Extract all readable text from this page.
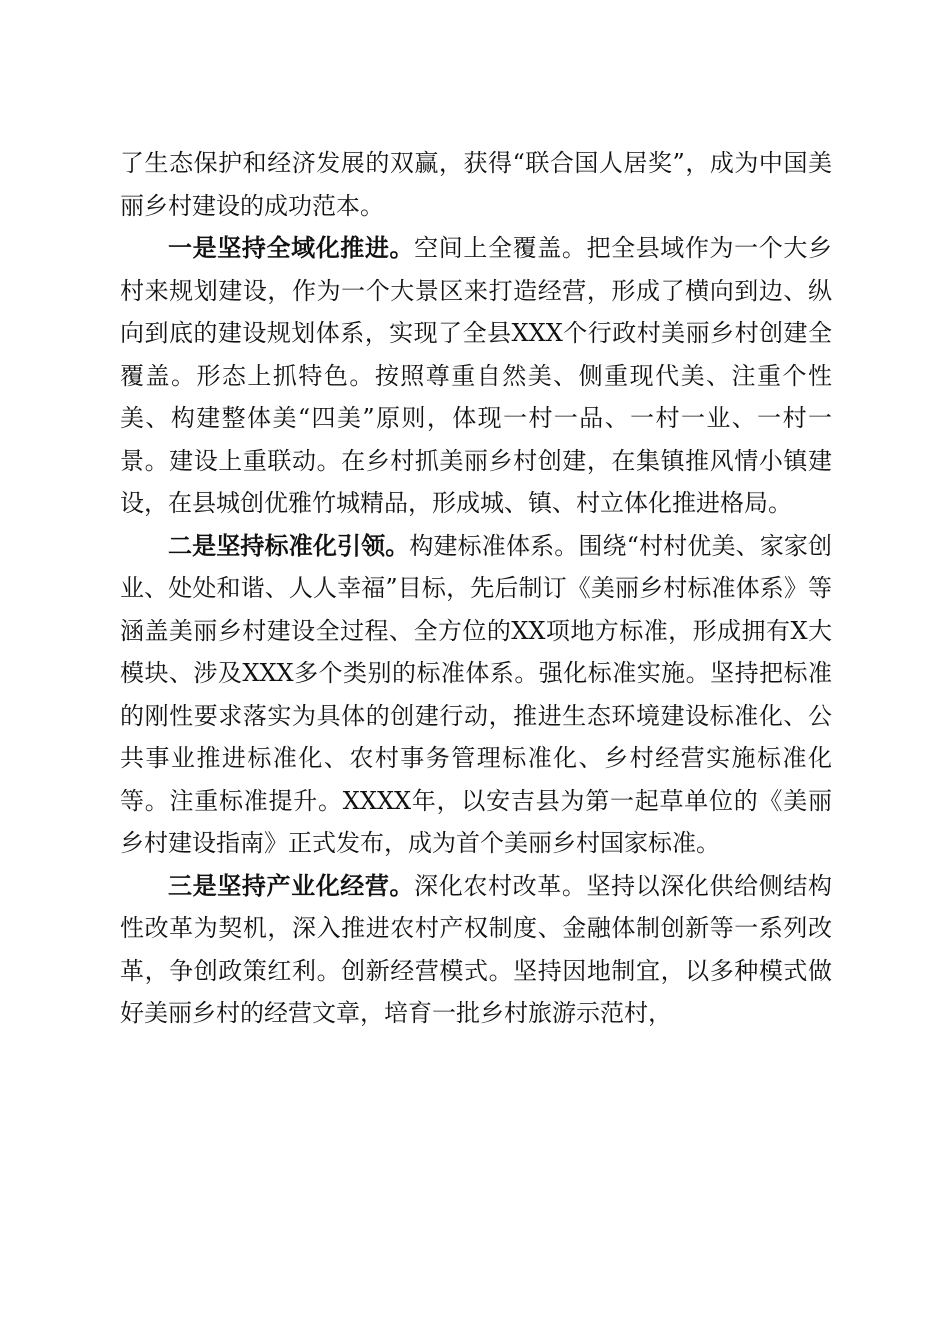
了生态保护和经济发展的双赢，获得“联合国人居奖”，成为中国美丽乡村建设的成功范本。

一是坚持全域化推进。空间上全覆盖。把全县域作为一个大乡村来规划建设，作为一个大景区来打造经营，形成了横向到边、纵向到底的建设规划体系，实现了全县XXX个行政村美丽乡村创建全覆盖。形态上抓特色。按照尊重自然美、侧重现代美、注重个性美、构建整体美“四美”原则，体现一村一品、一村一业、一村一景。建设上重联动。在乡村抓美丽乡村创建，在集镇推风情小镇建设，在县城创优雅竹城精品，形成城、镇、村立体化推进格局。

二是坚持标准化引领。构建标准体系。围绕“村村优美、家家创业、处处和谐、人人幸福”目标，先后制订《美丽乡村标准体系》等涵盖美丽乡村建设全过程、全方位的XX项地方标准，形成拥有X大模块、涉及XXX多个类别的标准体系。强化标准实施。坚持把标准的刚性要求落实为具体的创建行动，推进生态环境建设标准化、公共事业推进标准化、农村事务管理标准化、乡村经营实施标准化等。注重标准提升。XXXX年，以安吉县为第一起草单位的《美丽乡村建设指南》正式发布，成为首个美丽乡村国家标准。

三是坚持产业化经营。深化农村改革。坚持以深化供给侧结构性改革为契机，深入推进农村产权制度、金融体制创新等一系列改革，争创政策红利。创新经营模式。坚持因地制宜，以多种模式做好美丽乡村的经营文章，培育一批乡村旅游示范村，
